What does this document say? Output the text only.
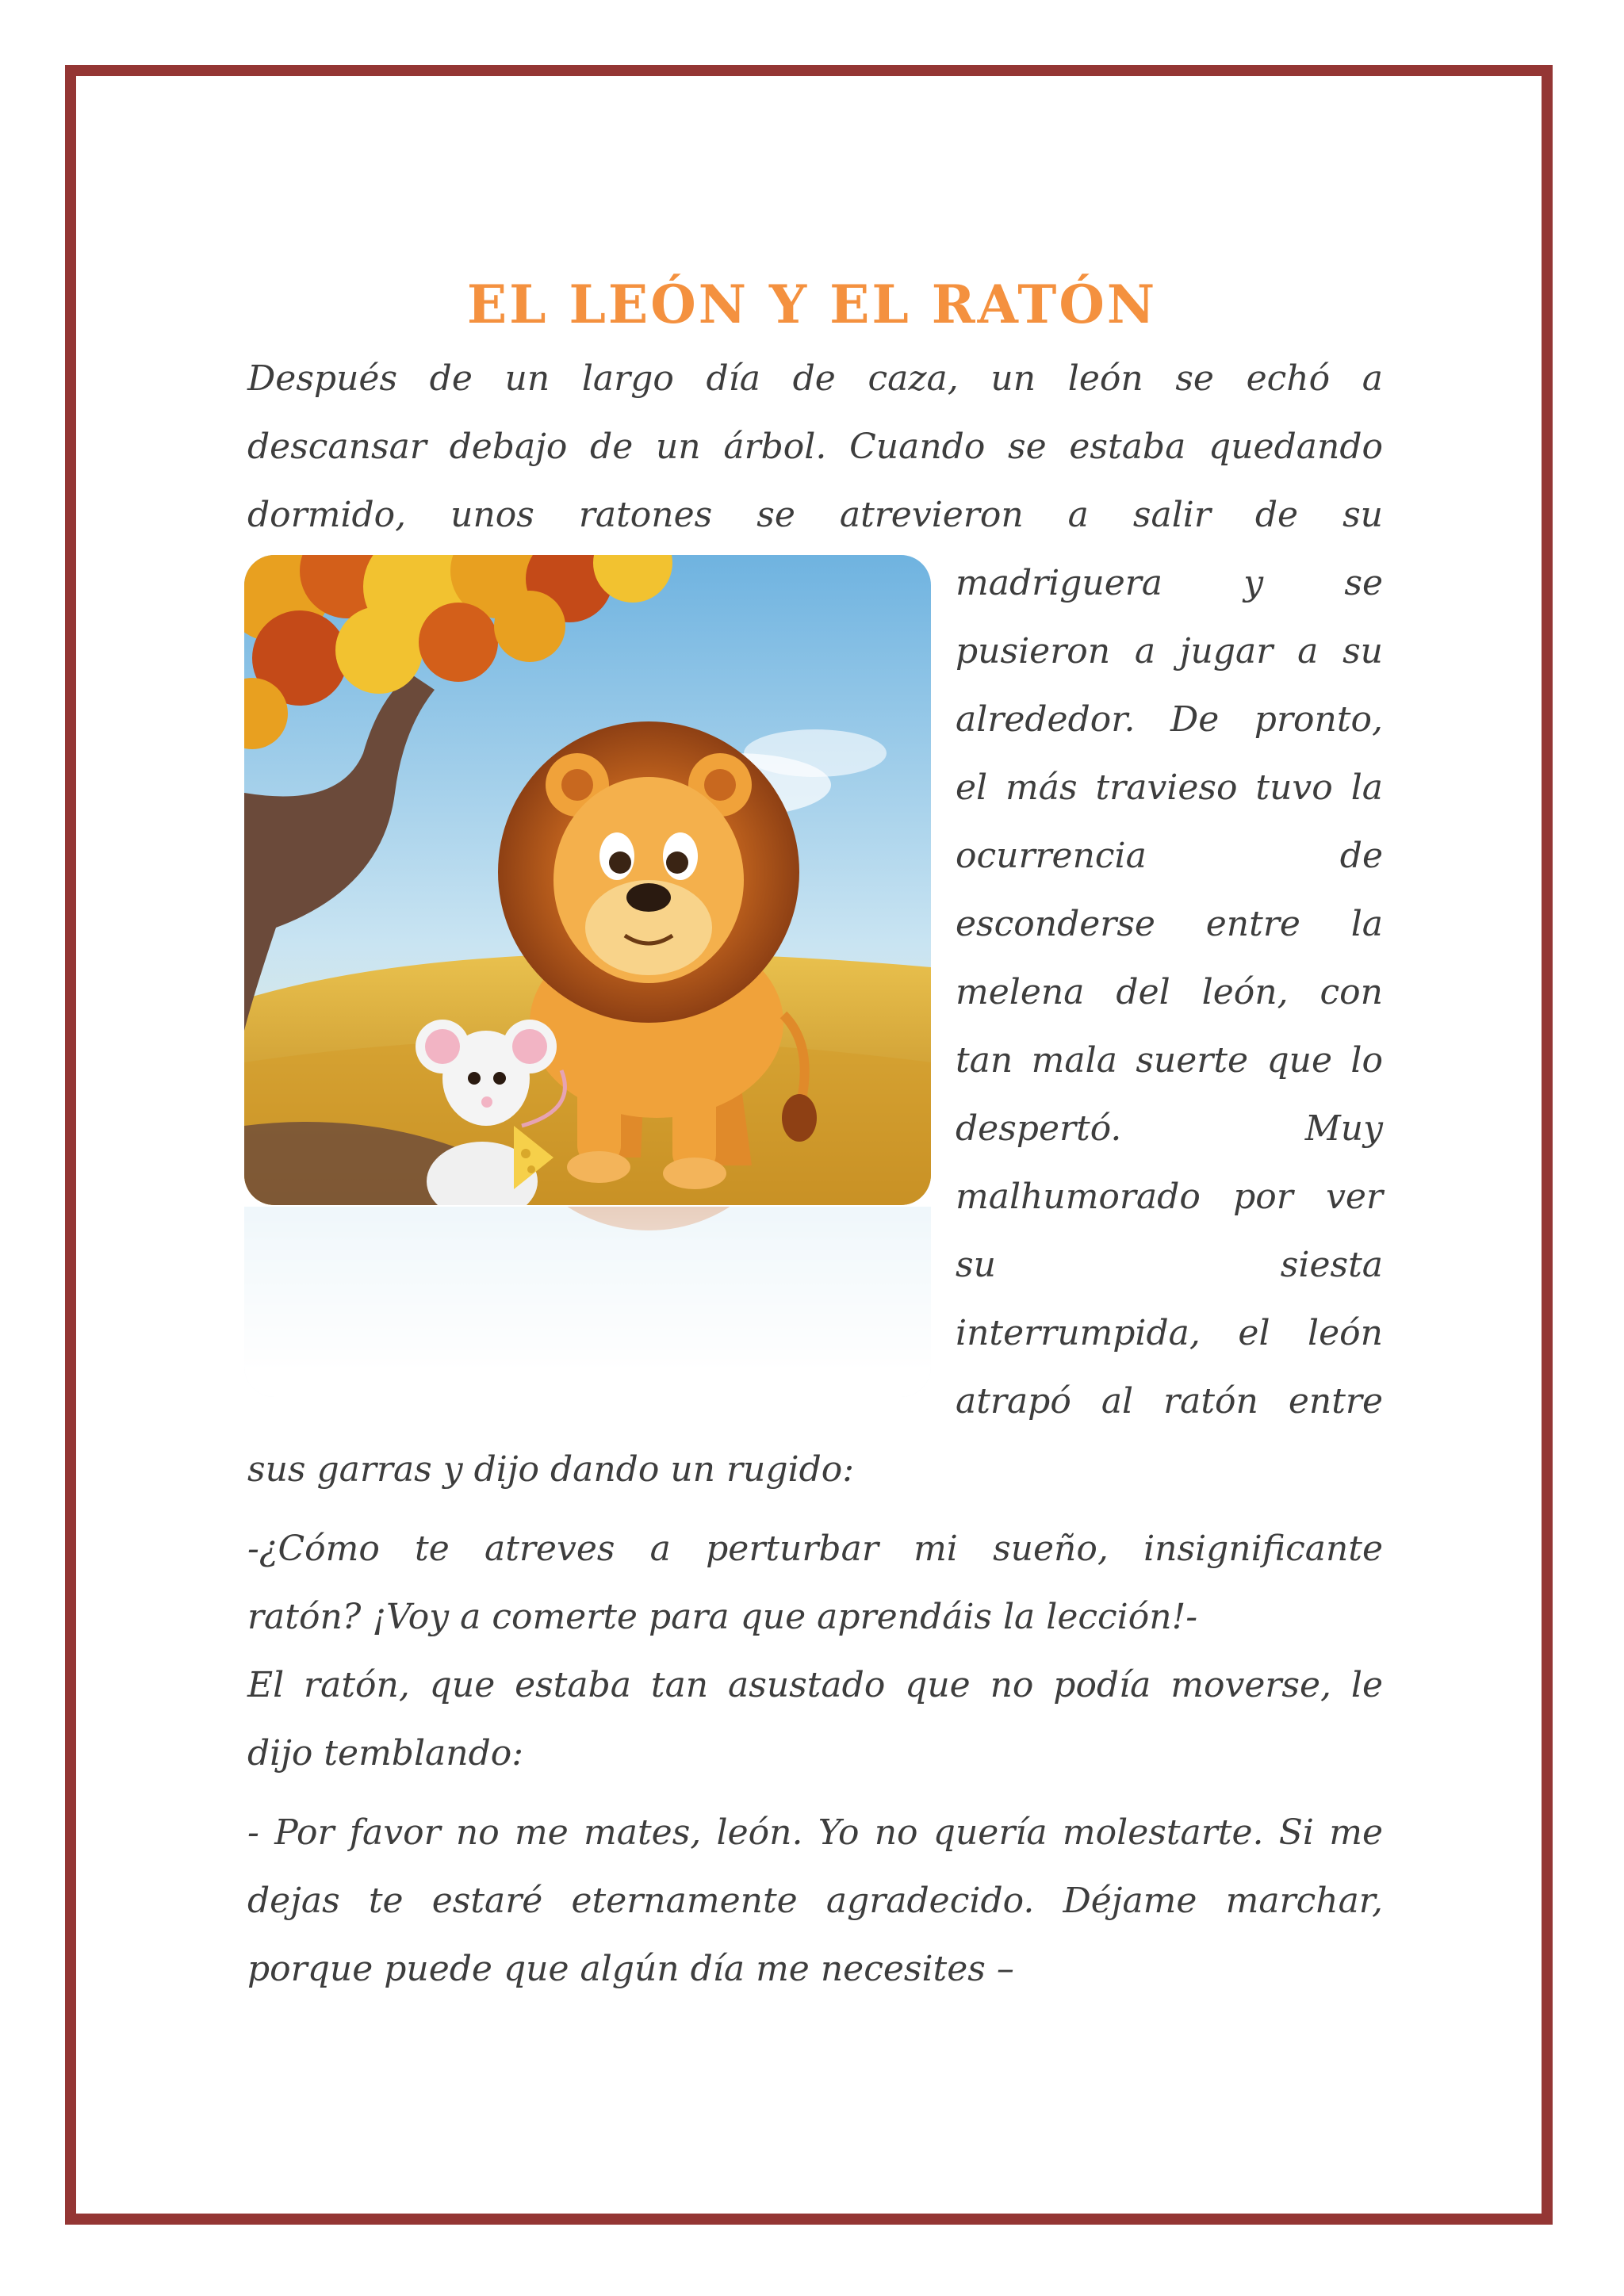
EL LEÓN Y EL RATÓN
Después de un largo día de caza, un león se echó a
descansar debajo de un árbol. Cuando se estaba quedando
dormido, unos ratones se atrevieron a salir de su
madriguera y se
pusieron a jugar a su
alrededor. De pronto,
el más travieso tuvo la
ocurrencia de
esconderse entre la
melena del león, con
tan mala suerte que lo
despertó. Muy
malhumorado por ver
su siesta
interrumpida, el león
atrapó al ratón entre
sus garras y dijo dando un rugido:
-¿Cómo te atreves a perturbar mi sueño, insignificante
ratón? ¡Voy a comerte para que aprendáis la lección!-
El ratón, que estaba tan asustado que no podía moverse, le
dijo temblando:
- Por favor no me mates, león. Yo no quería molestarte. Si me
dejas te estaré eternamente agradecido. Déjame marchar,
porque puede que algún día me necesites –
